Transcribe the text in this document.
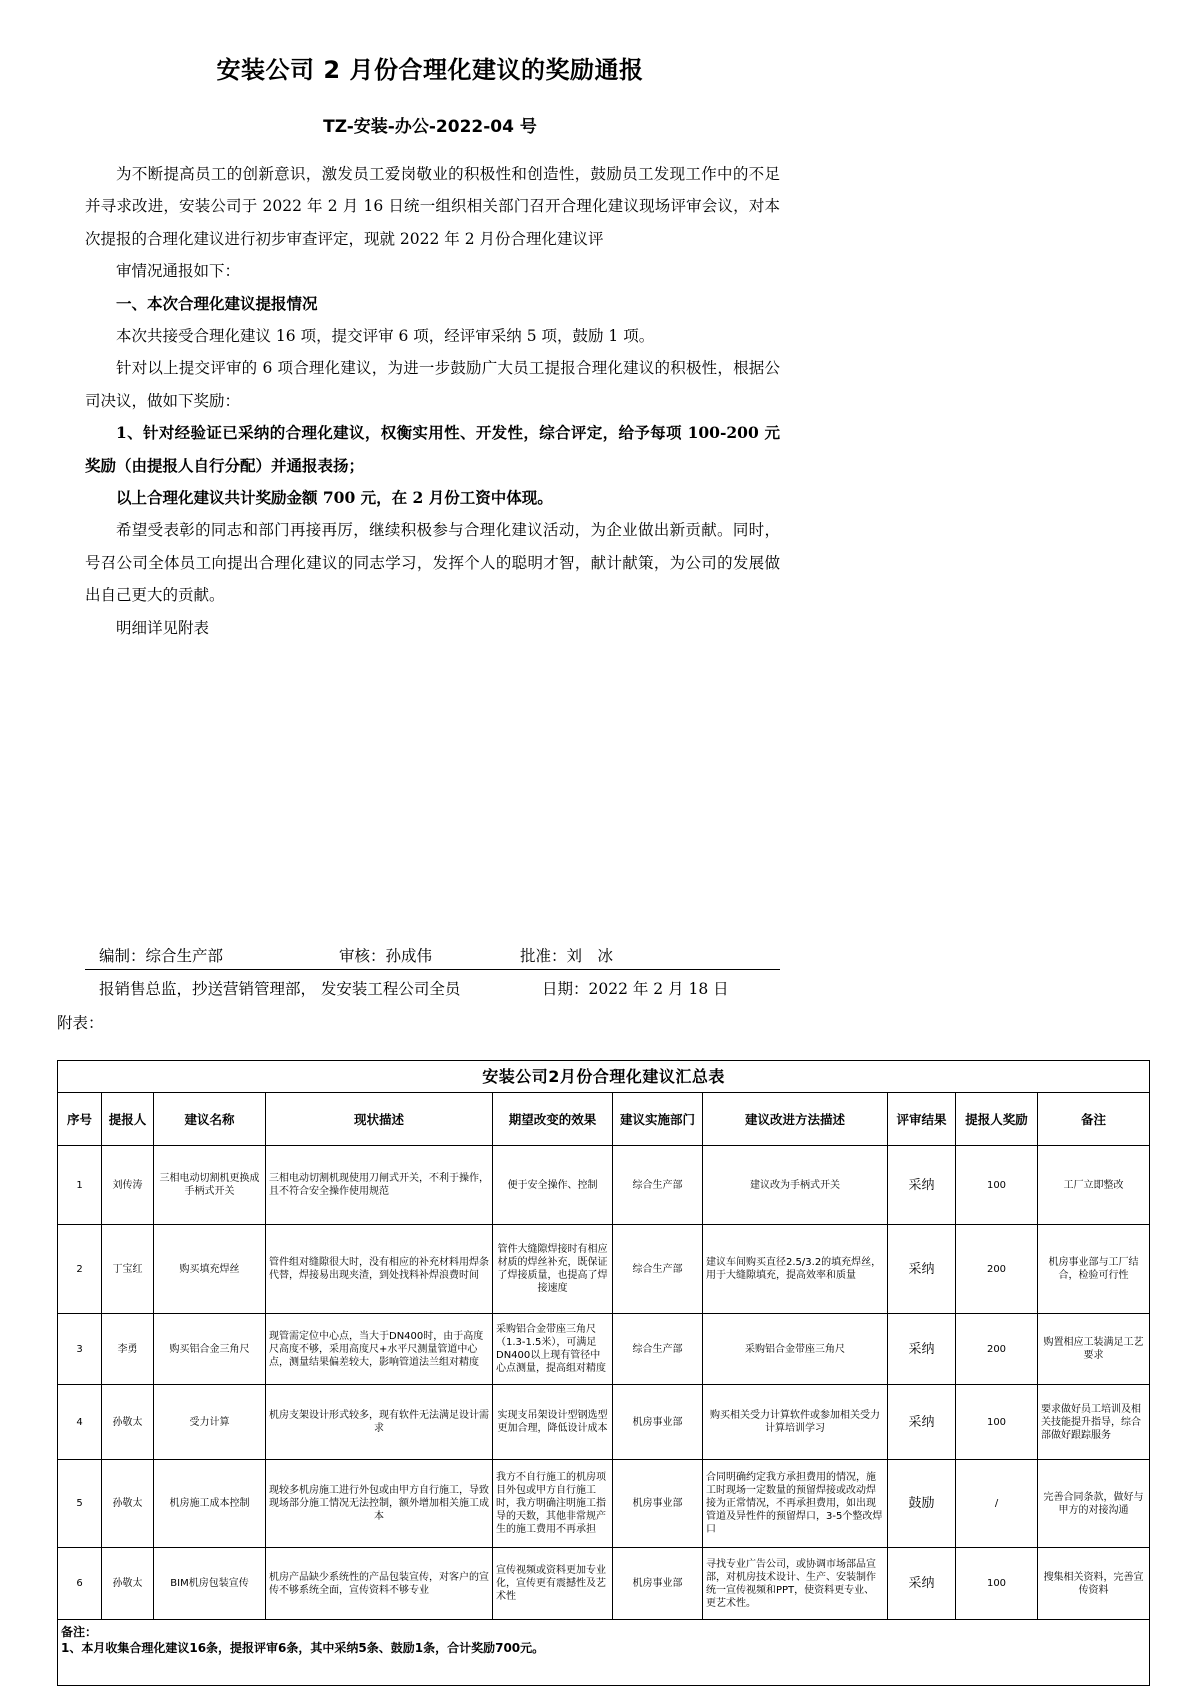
安装公司 2 月份合理化建议的奖励通报
TZ-安装-办公-2022-04 号

为不断提高员工的创新意识，激发员工爱岗敬业的积极性和创造性，鼓励员工发现工作中的不足并寻求改进，安装公司于 2022 年 2 月 16 日统一组织相关部门召开合理化建议现场评审会议，对本次提报的合理化建议进行初步审查评定，现就 2022 年 2 月份合理化建议评

审情况通报如下：

一、本次合理化建议提报情况

本次共接受合理化建议 16 项，提交评审 6 项，经评审采纳 5 项，鼓励 1 项。

针对以上提交评审的 6 项合理化建议，为进一步鼓励广大员工提报合理化建议的积极性，根据公司决议，做如下奖励：

1、针对经验证已采纳的合理化建议，权衡实用性、开发性，综合评定，给予每项 100-200 元奖励（由提报人自行分配）并通报表扬；

以上合理化建议共计奖励金额 700 元，在 2 月份工资中体现。

希望受表彰的同志和部门再接再厉，继续积极参与合理化建议活动，为企业做出新贡献。同时，号召公司全体员工向提出合理化建议的同志学习，发挥个人的聪明才智，献计献策，为公司的发展做出自己更大的贡献。

明细详见附表

编制：综合生产部	审核：孙成伟	批准：刘　冰
报销售总监，抄送营销管理部， 发安装工程公司全员	日期：2022 年 2 月 18 日
附表：
安装公司2月份合理化建议汇总表									
序号	提报人	建议名称	现状描述	期望改变的效果	建议实施部门	建议改进方法描述	评审结果	提报人奖励	备注
1	刘传涛	三相电动切割机更换成手柄式开关	三相电动切割机现使用刀闸式开关，不利于操作，且不符合安全操作使用规范	便于安全操作、控制	综合生产部	建议改为手柄式开关	采纳	100	工厂立即整改
2	丁宝红	购买填充焊丝	管件组对缝隙很大时，没有相应的补充材料用焊条代替，焊接易出现夹渣，到处找料补焊浪费时间	管件大缝隙焊接时有相应材质的焊丝补充，既保证了焊接质量，也提高了焊接速度	综合生产部	建议车间购买直径2.5/3.2的填充焊丝，用于大缝隙填充，提高效率和质量	采纳	200	机房事业部与工厂结合，检验可行性
3	李勇	购买铝合金三角尺	现管需定位中心点，当大于DN400时，由于高度尺高度不够，采用高度尺+水平尺测量管道中心点，测量结果偏差较大，影响管道法兰组对精度	采购铝合金带座三角尺（1.3-1.5米），可满足DN400以上现有管径中心点测量，提高组对精度	综合生产部	采购铝合金带座三角尺	采纳	200	购置相应工装满足工艺要求
4	孙敬太	受力计算	机房支架设计形式较多，现有软件无法满足设计需求	实现支吊架设计型钢选型更加合理，降低设计成本	机房事业部	购买相关受力计算软件或参加相关受力计算培训学习	采纳	100	要求做好员工培训及相关技能提升指导，综合部做好跟踪服务
5	孙敬太	机房施工成本控制	现较多机房施工进行外包或由甲方自行施工，导致现场部分施工情况无法控制，额外增加相关施工成本	我方不自行施工的机房项目外包或甲方自行施工时，我方明确注明施工指导的天数，其他非常规产生的施工费用不再承担	机房事业部	合同明确约定我方承担费用的情况，施工时现场一定数量的预留焊接或改动焊接为正常情况，不再承担费用，如出现管道及异性件的预留焊口，3-5个整改焊口	鼓励	/	完善合同条款，做好与甲方的对接沟通
6	孙敬太	BIM机房包装宣传	机房产品缺少系统性的产品包装宣传，对客户的宣传不够系统全面，宣传资料不够专业	宣传视频或资料更加专业化，宣传更有震撼性及艺术性	机房事业部	寻找专业广告公司，或协调市场部品宣部，对机房技术设计、生产、安装制作统一宣传视频和PPT，使资料更专业、更艺术性。	采纳	100	搜集相关资料，完善宣传资料

备注：
1、本月收集合理化建议16条，提报评审6条，其中采纳5条、鼓励1条，合计奖励700元。									
